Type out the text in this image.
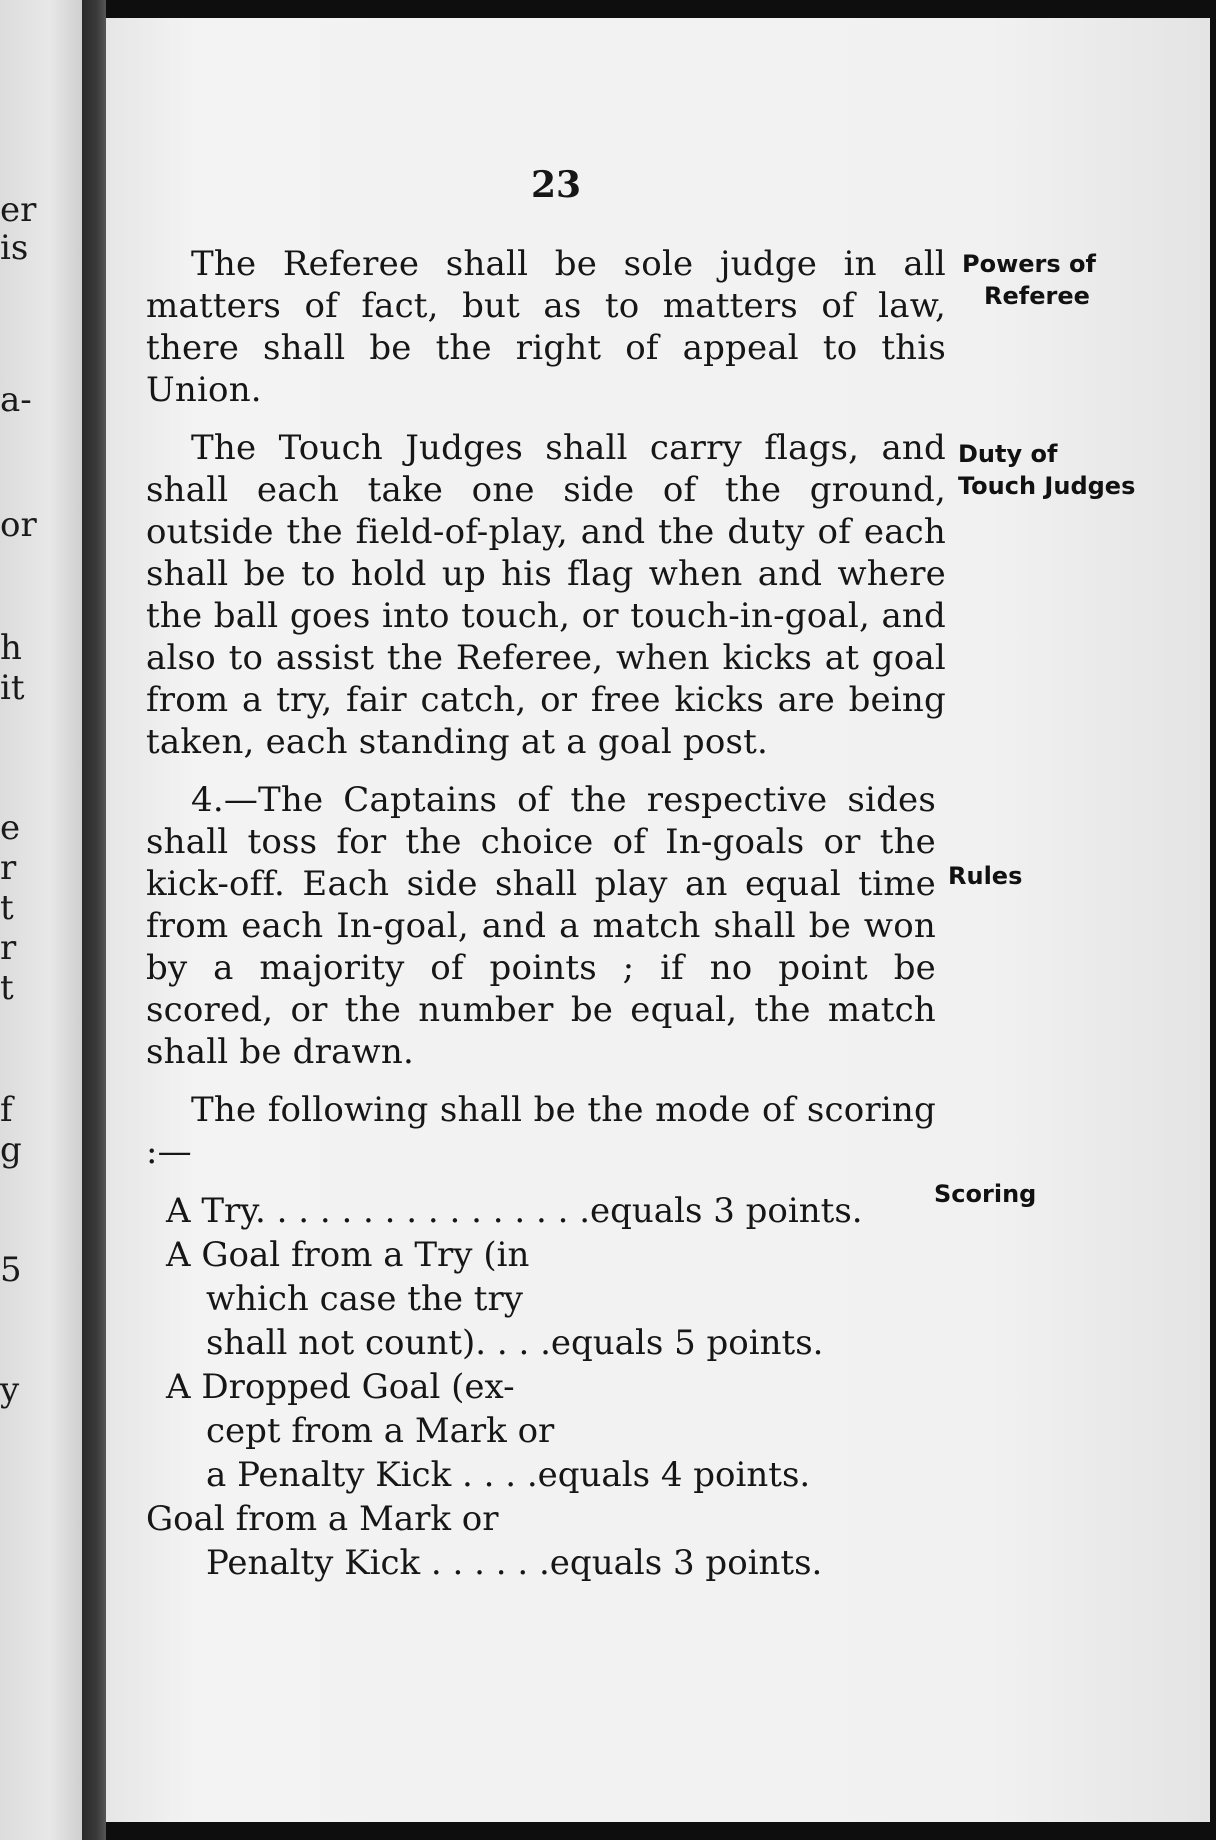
er
is
a-
or
h
it
e
r
t
r
t
f
g
5
y
23

The Referee shall be sole judge in all matters of fact, but as to matters of law, there shall be the right of appeal to this Union.

The Touch Judges shall carry flags, and shall each take one side of the ground, outside the field-of-play, and the duty of each shall be to hold up his flag when and where the ball goes into touch, or touch-in-goal, and also to assist the Referee, when kicks at goal from a try, fair catch, or free kicks are being taken, each standing at a goal post.

4.—The Captains of the respective sides shall toss for the choice of In-goals or the kick-off. Each side shall play an equal time from each In-goal, and a match shall be won by a majority of points ; if no point be scored, or the number be equal, the match shall be drawn.

The following shall be the mode of scoring :—

A Try. . . . . . . . . . . . . . . .equals 3 points.

A Goal from a Try (in

which case the try

shall not count). . . .equals 5 points.

A Dropped Goal (ex-

cept from a Mark or

a Penalty Kick . . . .equals 4 points.

Goal from a Mark or

Penalty Kick . . . . . .equals 3 points.

Powers of
Referee
Duty of
Touch Judges
Rules
Scoring
